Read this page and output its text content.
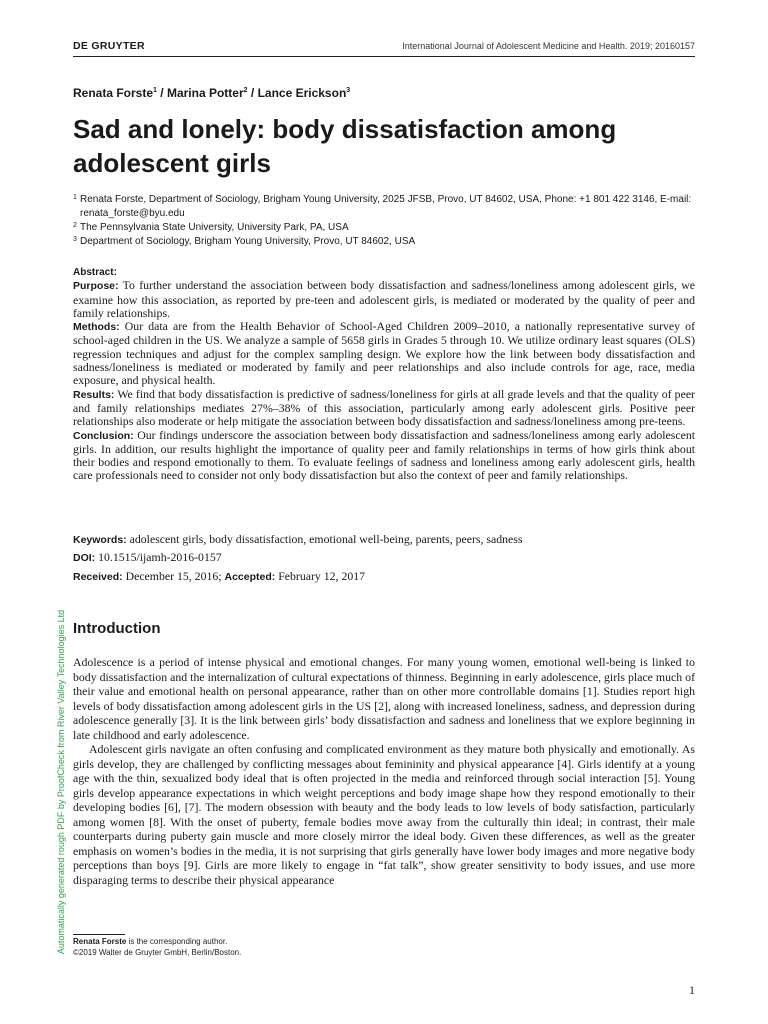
DE GRUYTER	International Journal of Adolescent Medicine and Health. 2019; 20160157
Renata Forste$^1$ / Marina Potter$^2$ / Lance Erickson$^3$
Sad and lonely: body dissatisfaction among adolescent girls
1 Renata Forste, Department of Sociology, Brigham Young University, 2025 JFSB, Provo, UT 84602, USA, Phone: +1 801 422 3146, E-mail: renata_forste@byu.edu
2 The Pennsylvania State University, University Park, PA, USA
3 Department of Sociology, Brigham Young University, Provo, UT 84602, USA
Abstract:
Purpose: To further understand the association between body dissatisfaction and sadness/loneliness among adolescent girls, we examine how this association, as reported by pre-teen and adolescent girls, is mediated or moderated by the quality of peer and family relationships.
Methods: Our data are from the Health Behavior of School-Aged Children 2009–2010, a nationally representative survey of school-aged children in the US. We analyze a sample of 5658 girls in Grades 5 through 10. We utilize ordinary least squares (OLS) regression techniques and adjust for the complex sampling design. We explore how the link between body dissatisfaction and sadness/loneliness is mediated or moderated by family and peer relationships and also include controls for age, race, media exposure, and physical health.
Results: We find that body dissatisfaction is predictive of sadness/loneliness for girls at all grade levels and that the quality of peer and family relationships mediates 27%–38% of this association, particularly among early adolescent girls. Positive peer relationships also moderate or help mitigate the association between body dissatisfaction and sadness/loneliness among pre-teens.
Conclusion: Our findings underscore the association between body dissatisfaction and sadness/loneliness among early adolescent girls. In addition, our results highlight the importance of quality peer and family relationships in terms of how girls think about their bodies and respond emotionally to them. To evaluate feelings of sadness and loneliness among early adolescent girls, health care professionals need to consider not only body dissatisfaction but also the context of peer and family relationships.
Keywords: adolescent girls, body dissatisfaction, emotional well-being, parents, peers, sadness
DOI: 10.1515/ijamh-2016-0157
Received: December 15, 2016; Accepted: February 12, 2017
Introduction

Adolescence is a period of intense physical and emotional changes. For many young women, emotional well-being is linked to body dissatisfaction and the internalization of cultural expectations of thinness. Beginning in early adolescence, girls place much of their value and emotional health on personal appearance, rather than on other more controllable domains [1]. Studies report high levels of body dissatisfaction among adolescent girls in the US [2], along with increased loneliness, sadness, and depression during adolescence generally [3]. It is the link between girls’ body dissatisfaction and sadness and loneliness that we explore beginning in late childhood and early adolescence.

Adolescent girls navigate an often confusing and complicated environment as they mature both physically and emotionally. As girls develop, they are challenged by conflicting messages about femininity and physical appearance [4]. Girls identify at a young age with the thin, sexualized body ideal that is often projected in the media and reinforced through social interaction [5]. Young girls develop appearance expectations in which weight perceptions and body image shape how they respond emotionally to their developing bodies [6], [7]. The modern obsession with beauty and the body leads to low levels of body satisfaction, particularly among women [8]. With the onset of puberty, female bodies move away from the culturally thin ideal; in contrast, their male counterparts during puberty gain muscle and more closely mirror the ideal body. Given these differences, as well as the greater emphasis on women’s bodies in the media, it is not surprising that girls generally have lower body images and more negative body perceptions than boys [9]. Girls are more likely to engage in “fat talk”, show greater sensitivity to body issues, and use more disparaging terms to describe their physical appearance

Renata Forste is the corresponding author.
©2019 Walter de Gruyter GmbH, Berlin/Boston.
Automatically generated rough PDF by ProofCheck from River Valley Technologies Ltd
1
